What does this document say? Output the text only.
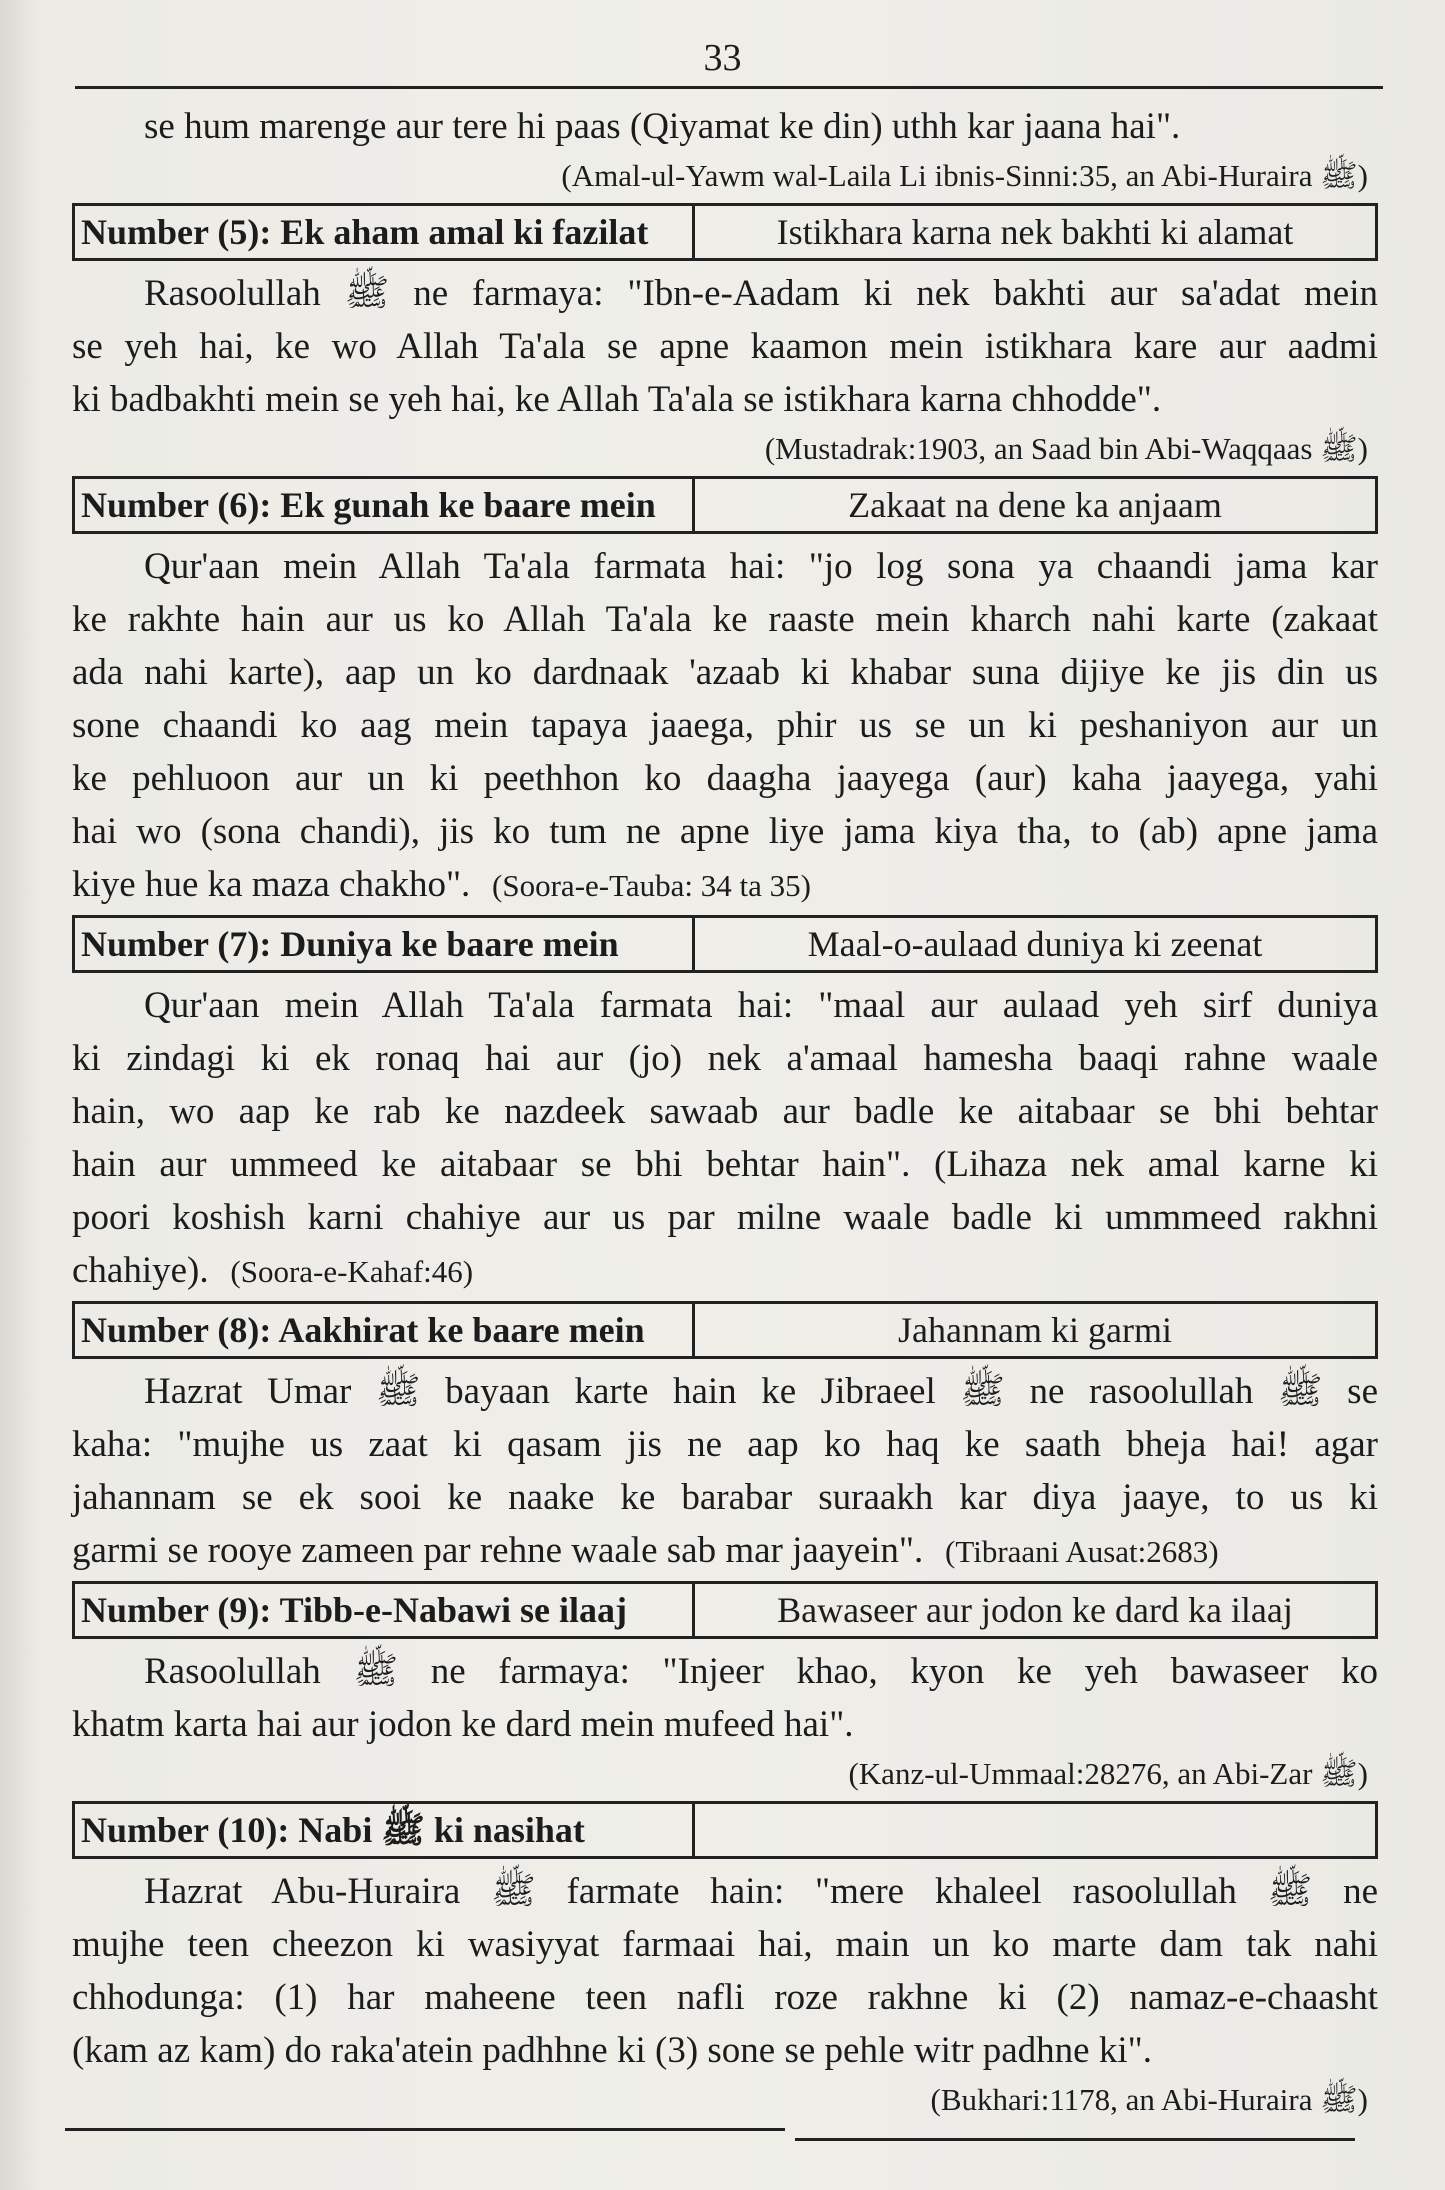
33
se hum marenge aur tere hi paas (Qiyamat ke din) uthh kar jaana hai".
(Amal-ul-Yawm wal-Laila Li ibnis-Sinni:35, an Abi-Huraira ﷺ)
Number (5): Ek aham amal ki fazilat	Istikhara karna nek bakhti ki alamat
Rasoolullah ﷺ ne farmaya: "Ibn-e-Aadam ki nek bakhti aur sa'adat mein
se yeh hai, ke wo Allah Ta'ala se apne kaamon mein istikhara kare aur aadmi
ki badbakhti mein se yeh hai, ke Allah Ta'ala se istikhara karna chhodde".
(Mustadrak:1903, an Saad bin Abi-Waqqaas ﷺ)
Number (6): Ek gunah ke baare mein	Zakaat na dene ka anjaam
Qur'aan mein Allah Ta'ala farmata hai: "jo log sona ya chaandi jama kar
ke rakhte hain aur us ko Allah Ta'ala ke raaste mein kharch nahi karte (zakaat
ada nahi karte), aap un ko dardnaak 'azaab ki khabar suna dijiye ke jis din us
sone chaandi ko aag mein tapaya jaaega, phir us se un ki peshaniyon aur un
ke pehluoon aur un ki peethhon ko daagha jaayega (aur) kaha jaayega, yahi
hai wo (sona chandi), jis ko tum ne apne liye jama kiya tha, to (ab) apne jama
kiye hue ka maza chakho". (Soora-e-Tauba: 34 ta 35)
Number (7): Duniya ke baare mein	Maal-o-aulaad duniya ki zeenat
Qur'aan mein Allah Ta'ala farmata hai: "maal aur aulaad yeh sirf duniya
ki zindagi ki ek ronaq hai aur (jo) nek a'amaal hamesha baaqi rahne waale
hain, wo aap ke rab ke nazdeek sawaab aur badle ke aitabaar se bhi behtar
hain aur ummeed ke aitabaar se bhi behtar hain". (Lihaza nek amal karne ki
poori koshish karni chahiye aur us par milne waale badle ki ummmeed rakhni
chahiye). (Soora-e-Kahaf:46)
Number (8): Aakhirat ke baare mein	Jahannam ki garmi
Hazrat Umar ﷺ bayaan karte hain ke Jibraeel ﷺ ne rasoolullah ﷺ se
kaha: "mujhe us zaat ki qasam jis ne aap ko haq ke saath bheja hai! agar
jahannam se ek sooi ke naake ke barabar suraakh kar diya jaaye, to us ki
garmi se rooye zameen par rehne waale sab mar jaayein". (Tibraani Ausat:2683)
Number (9): Tibb-e-Nabawi se ilaaj	Bawaseer aur jodon ke dard ka ilaaj
Rasoolullah ﷺ ne farmaya: "Injeer khao, kyon ke yeh bawaseer ko
khatm karta hai aur jodon ke dard mein mufeed hai".
(Kanz-ul-Ummaal:28276, an Abi-Zar ﷺ)
Number (10): Nabi ﷺ ki nasihat
Hazrat Abu-Huraira ﷺ farmate hain: "mere khaleel rasoolullah ﷺ ne
mujhe teen cheezon ki wasiyyat farmaai hai, main un ko marte dam tak nahi
chhodunga: (1) har maheene teen nafli roze rakhne ki (2) namaz-e-chaasht
(kam az kam) do raka'atein padhhne ki (3) sone se pehle witr padhne ki".
(Bukhari:1178, an Abi-Huraira ﷺ)
